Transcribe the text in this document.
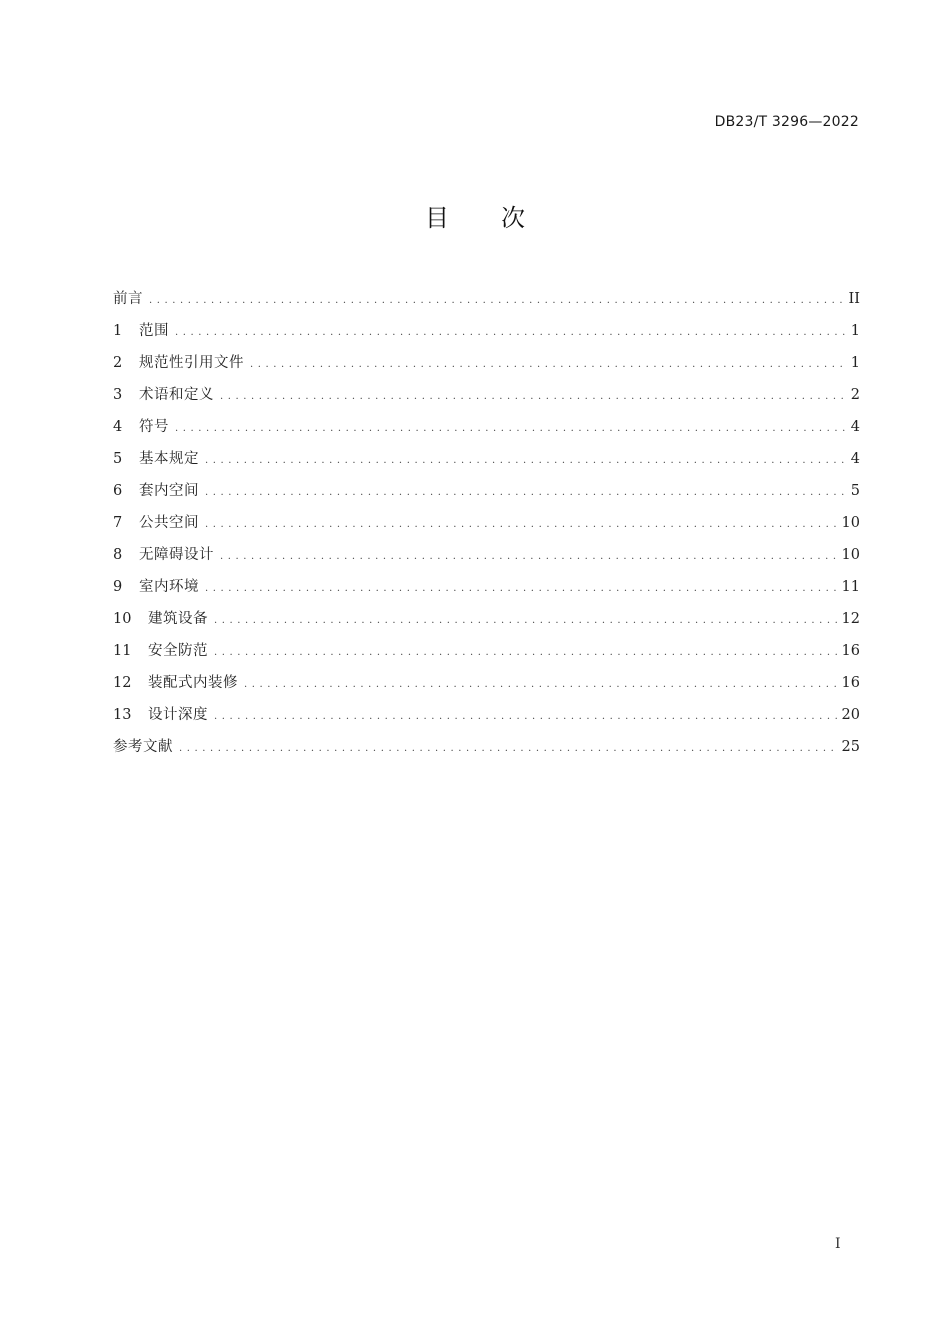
DB23/T 3296—2022
目 次
前言 . . .	II
1	范围 . . .	1
2	规范性引用文件 . . .	1
3	术语和定义 . . .	2
4	符号 . . .	4
5	基本规定 . . .	4
6	套内空间 . . .	5
7	公共空间 . . .	10
8	无障碍设计 . . .	10
9	室内环境 . . .	11
10	建筑设备 . . .	12
11	安全防范 . . .	16
12	装配式内装修 . . .	16
13	设计深度 . . .	20
参考文献 . . .	25
I
